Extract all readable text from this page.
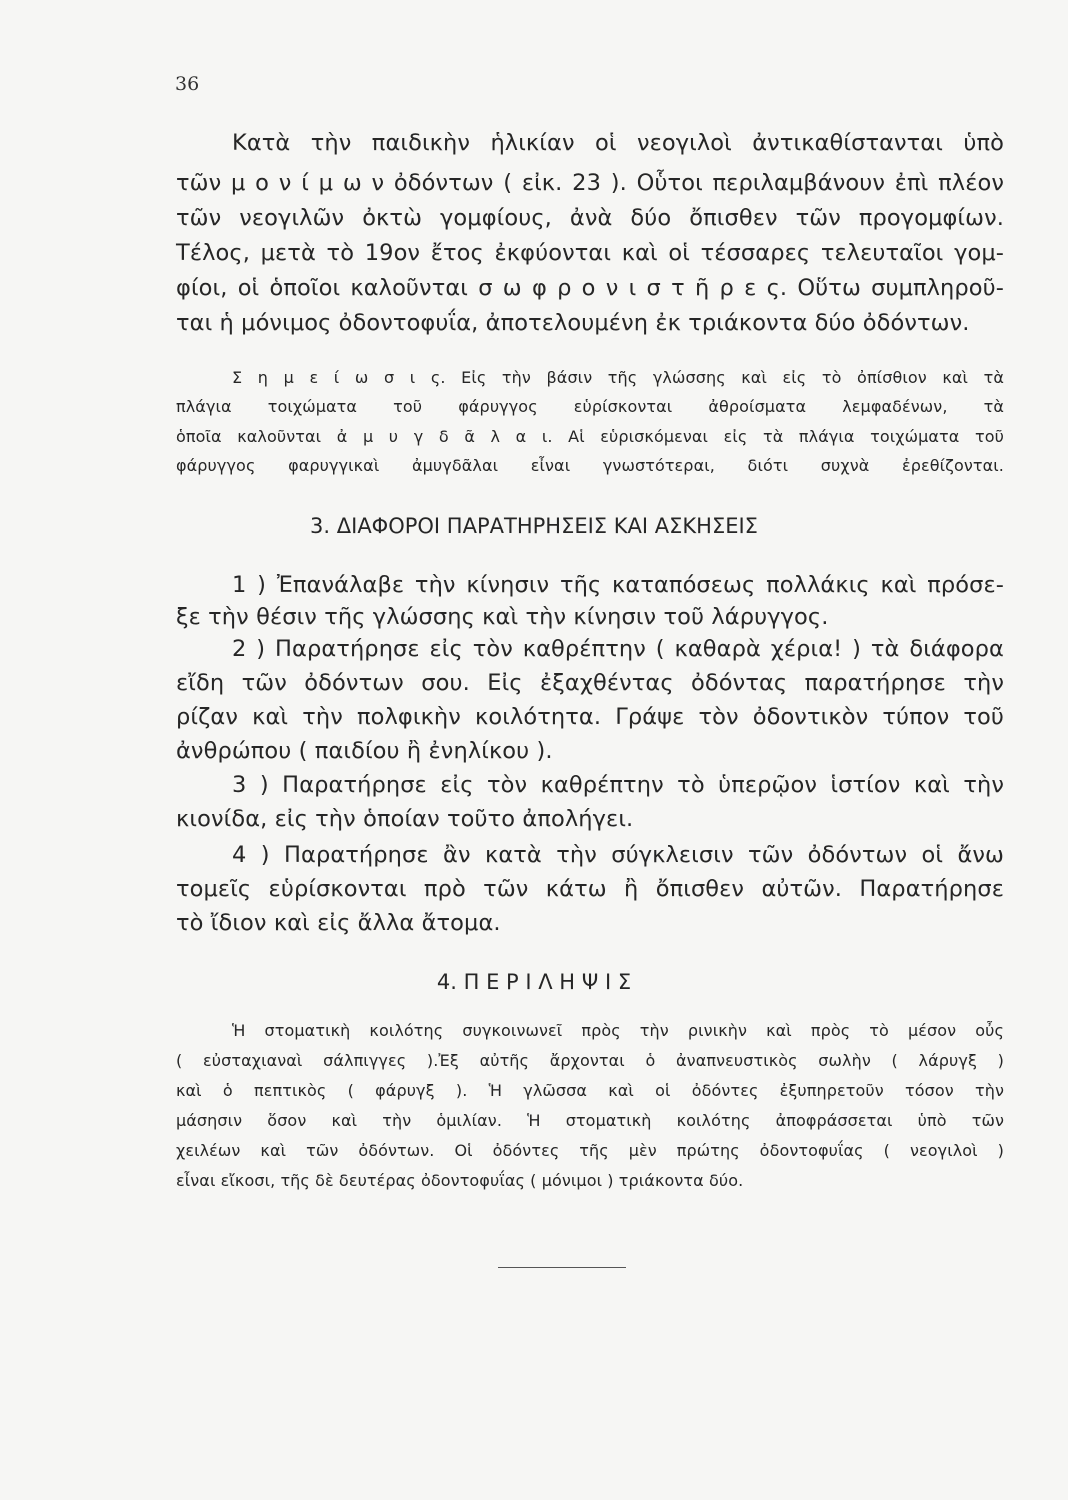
36
Κατὰ τὴν παιδικὴν ἡλικίαν οἱ νεογιλοὶ ἀντικαθίστανται ὑπὸ
τῶν μ ο ν ί μ ω ν ὀδόντων ( εἰκ. 23 ). Οὗτοι περιλαμβάνουν ἐπὶ πλέον
τῶν νεογιλῶν ὀκτὼ γομφίους, ἀνὰ δύο ὄπισθεν τῶν προγομφίων.
Τέλος, μετὰ τὸ 19ον ἔτος ἐκφύονται καὶ οἱ τέσσαρες τελευταῖοι γομ-
φίοι, οἱ ὁποῖοι καλοῦνται σ ω φ ρ ο ν ι σ τ ῆ ρ ε ς. Οὕτω συμπληροῦ-
ται ἡ μόνιμος ὀδοντοφυΐα, ἀποτελουμένη ἐκ τριάκοντα δύο ὀδόντων.
Σ η μ ε ί ω σ ι ς. Εἰς τὴν βάσιν τῆς γλώσσης καὶ εἰς τὸ ὀπίσθιον καὶ τὰ
πλάγια τοιχώματα τοῦ φάρυγγος εὑρίσκονται ἀθροίσματα λεμφαδένων, τὰ
ὁποῖα καλοῦνται ἀ μ υ γ δ ᾶ λ α ι. Αἱ εὑρισκόμεναι εἰς τὰ πλάγια τοιχώματα τοῦ
φάρυγγος φαρυγγικαὶ ἀμυγδᾶλαι εἶναι γνωστότεραι, διότι συχνὰ ἐρεθίζονται.
3. ΔΙΑΦΟΡΟΙ ΠΑΡΑΤΗΡΗΣΕΙΣ ΚΑΙ ΑΣΚΗΣΕΙΣ
1 ) Ἐπανάλαβε τὴν κίνησιν τῆς καταπόσεως πολλάκις καὶ πρόσε-
ξε τὴν θέσιν τῆς γλώσσης καὶ τὴν κίνησιν τοῦ λάρυγγος.
2 ) Παρατήρησε εἰς τὸν καθρέπτην ( καθαρὰ χέρια! ) τὰ διάφορα
εἴδη τῶν ὀδόντων σου. Εἰς ἐξαχθέντας ὀδόντας παρατήρησε τὴν
ρίζαν καὶ τὴν πολφικὴν κοιλότητα. Γράψε τὸν ὀδοντικὸν τύπον τοῦ
ἀνθρώπου ( παιδίου ἢ ἐνηλίκου ).
3 ) Παρατήρησε εἰς τὸν καθρέπτην τὸ ὑπερῷον ἱστίον καὶ τὴν
κιονίδα, εἰς τὴν ὁποίαν τοῦτο ἀπολήγει.
4 ) Παρατήρησε ἂν κατὰ τὴν σύγκλεισιν τῶν ὀδόντων οἱ ἄνω
τομεῖς εὑρίσκονται πρὸ τῶν κάτω ἢ ὄπισθεν αὐτῶν. Παρατήρησε
τὸ ἴδιον καὶ εἰς ἄλλα ἄτομα.
4. Π Ε Ρ Ι Λ Η Ψ Ι Σ
Ἡ στοματικὴ κοιλότης συγκοινωνεῖ πρὸς τὴν ρινικὴν καὶ πρὸς τὸ μέσον οὖς
( εὐσταχιαναὶ σάλπιγγες ).Ἐξ αὐτῆς ἄρχονται ὁ ἀναπνευστικὸς σωλὴν ( λάρυγξ )
καὶ ὁ πεπτικὸς ( φάρυγξ ). Ἡ γλῶσσα καὶ οἱ ὀδόντες ἐξυπηρετοῦν τόσον τὴν
μάσησιν ὅσον καὶ τὴν ὁμιλίαν. Ἡ στοματικὴ κοιλότης ἀποφράσσεται ὑπὸ τῶν
χειλέων καὶ τῶν ὀδόντων. Οἱ ὀδόντες τῆς μὲν πρώτης ὀδοντοφυΐας ( νεογιλοὶ )
εἶναι εἴκοσι, τῆς δὲ δευτέρας ὀδοντοφυΐας ( μόνιμοι ) τριάκοντα δύο.
